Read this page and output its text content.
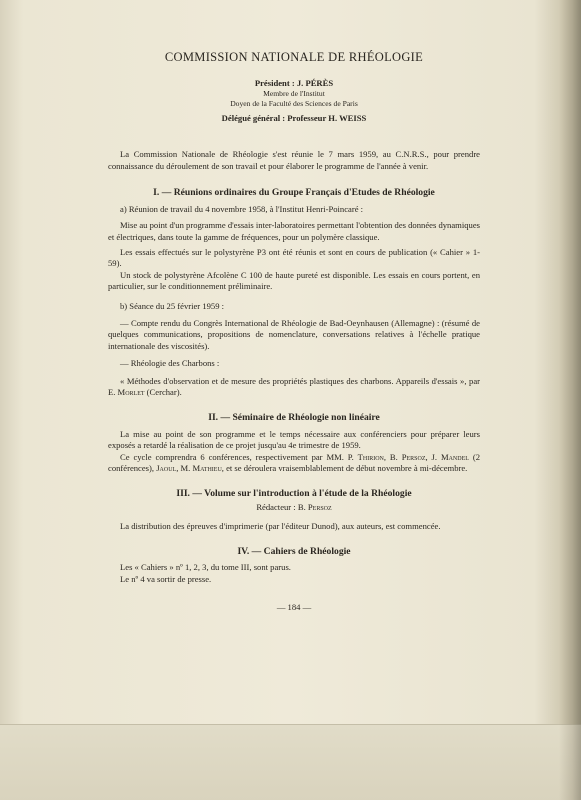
COMMISSION NATIONALE DE RHÉOLOGIE
Président : J. PÉRÈS
Membre de l'Institut
Doyen de la Faculté des Sciences de Paris
Délégué général : Professeur H. WEISS

La Commission Nationale de Rhéologie s'est réunie le 7 mars 1959, au C.N.R.S., pour prendre connaissance du déroulement de son travail et pour élaborer le programme de l'année à venir.

I. — Réunions ordinaires du Groupe Français d'Etudes de Rhéologie

a) Réunion de travail du 4 novembre 1958, à l'Institut Henri-Poincaré :

Mise au point d'un programme d'essais inter-laboratoires permettant l'obtention des données dynamiques et électriques, dans toute la gamme de fréquences, pour un polymère classique.

Les essais effectués sur le polystyrène P3 ont été réunis et sont en cours de publication (« Cahier » 1-59).

Un stock de polystyrène Afcolène C 100 de haute pureté est disponible. Les essais en cours portent, en particulier, sur le conditionnement préliminaire.

b) Séance du 25 février 1959 :

— Compte rendu du Congrès International de Rhéologie de Bad-Oeynhausen (Allemagne) : (résumé de quelques communications, propositions de nomenclature, conversations relatives à l'échelle pratique internationale des viscosités).

— Rhéologie des Charbons :

« Méthodes d'observation et de mesure des propriétés plastiques des charbons. Appareils d'essais », par E. Morlet (Cerchar).

II. — Séminaire de Rhéologie non linéaire

La mise au point de son programme et le temps nécessaire aux conférenciers pour préparer leurs exposés a retardé la réalisation de ce projet jusqu'au 4e trimestre de 1959.

Ce cycle comprendra 6 conférences, respectivement par MM. P. Thirion, B. Persoz, J. Mandel (2 conférences), Jaoul, M. Mathieu, et se déroulera vraisemblablement de début novembre à mi-décembre.

III. — Volume sur l'introduction à l'étude de la Rhéologie
Rédacteur : B. Persoz

La distribution des épreuves d'imprimerie (par l'éditeur Dunod), aux auteurs, est commencée.

IV. — Cahiers de Rhéologie

Les « Cahiers » nº 1, 2, 3, du tome III, sont parus.

Le nº 4 va sortir de presse.

— 184 —
